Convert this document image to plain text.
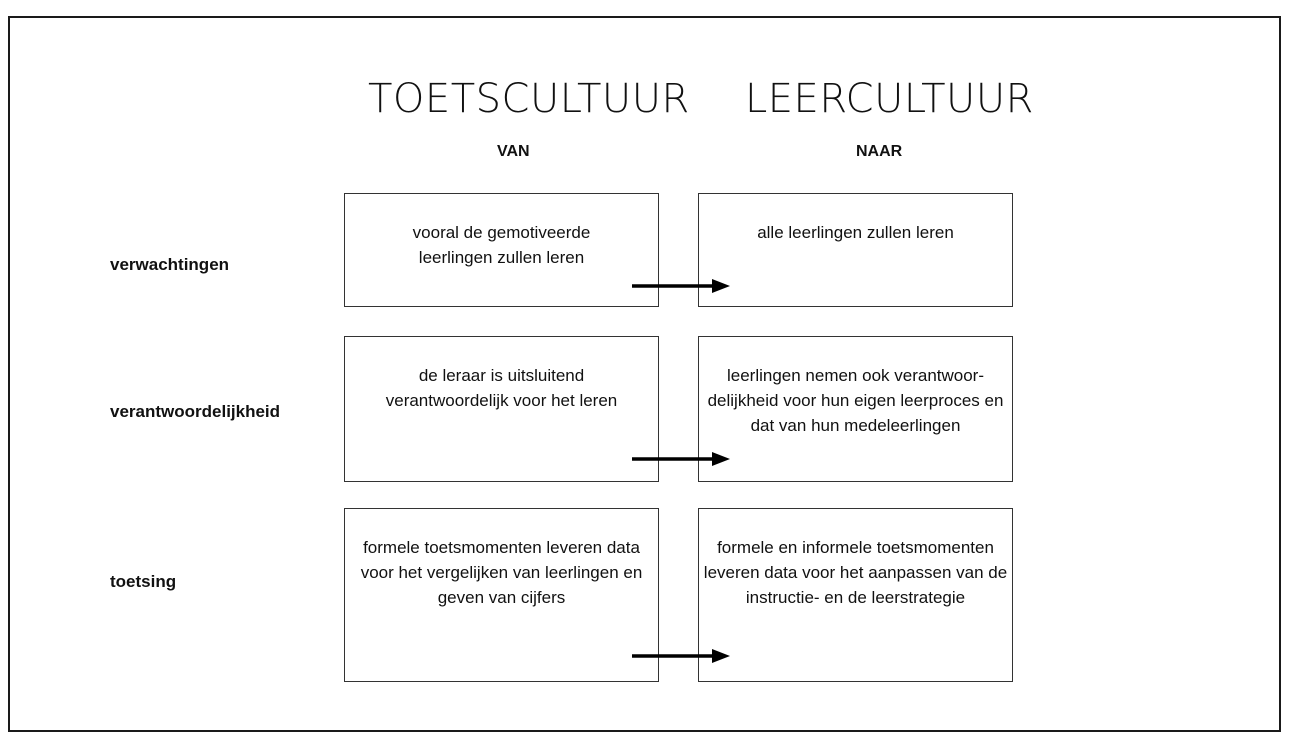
TOETSCULTUUR LEERCULTUUR
VAN	NAAR
verwachtingen
vooral de gemotiveerde leerlingen zullen leren
alle leerlingen zullen leren
verantwoordelijkheid
de leraar is uitsluitend verantwoordelijk voor het leren
leerlingen nemen ook verantwoor-delijkheid voor hun eigen leerproces en dat van hun medeleerlingen
toetsing
formele toetsmomenten leveren data voor het vergelijken van leerlingen en geven van cijfers
formele en informele toetsmomenten leveren data voor het aanpassen van de instructie- en de leerstrategie
